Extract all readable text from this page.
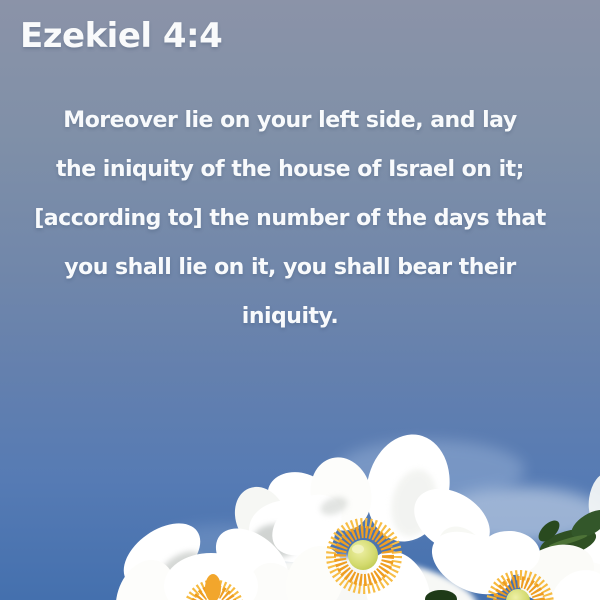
Ezekiel 4:4
Moreover lie on your left side, and lay
the iniquity of the house of Israel on it;
[according to] the number of the days that
you shall lie on it, you shall bear their
iniquity.
